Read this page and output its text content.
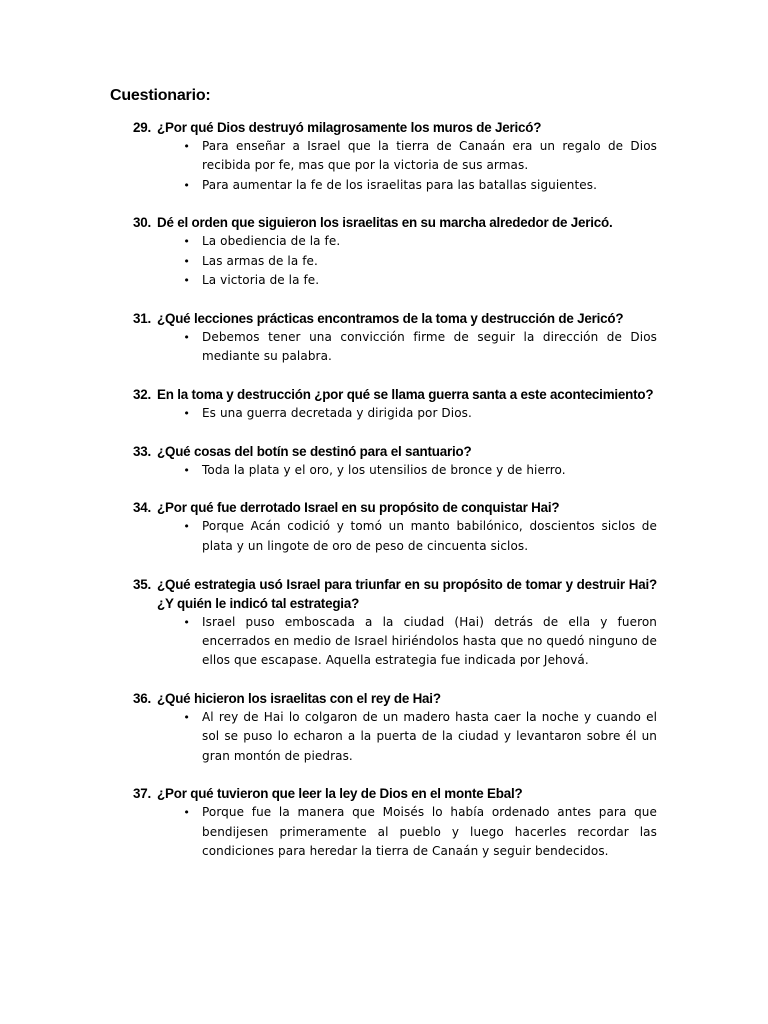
Cuestionario:
29. ¿Por qué Dios destruyó milagrosamente los muros de Jericó?
•	Para enseñar a Israel que la tierra de Canaán era un regalo de Dios recibida por fe, mas que por la victoria de sus armas.
•	Para aumentar la fe de los israelitas para las batallas siguientes.
30. Dé el orden que siguieron los israelitas en su marcha alrededor de Jericó.
•	La obediencia de la fe.
•	Las armas de la fe.
•	La victoria de la fe.
31. ¿Qué lecciones prácticas encontramos de la toma y destrucción de Jericó?
•	Debemos tener una convicción firme de seguir la dirección de Dios mediante su palabra.
32. En la toma y destrucción ¿por qué se llama guerra santa a este acontecimiento?
•	Es una guerra decretada y dirigida por Dios.
33. ¿Qué cosas del botín se destinó para el santuario?
•	Toda la plata y el oro, y los utensilios de bronce y de hierro.
34. ¿Por qué fue derrotado Israel en su propósito de conquistar Hai?
•	Porque Acán codició y tomó un manto babilónico, doscientos siclos de plata y un lingote de oro de peso de cincuenta siclos.
35. ¿Qué estrategia usó Israel para triunfar en su propósito de tomar y destruir Hai? ¿Y quién le indicó tal estrategia?
•	Israel puso emboscada a la ciudad (Hai) detrás de ella y fueron encerrados en medio de Israel hiriéndolos hasta que no quedó ninguno de ellos que escapase. Aquella estrategia fue indicada por Jehová.
36. ¿Qué hicieron los israelitas con el rey de Hai?
•	Al rey de Hai lo colgaron de un madero hasta caer la noche y cuando el sol se puso lo echaron a la puerta de la ciudad y levantaron sobre él un gran montón de piedras.
37. ¿Por qué tuvieron que leer la ley de Dios en el monte Ebal?
•	Porque fue la manera que Moisés lo había ordenado antes para que bendijesen primeramente al pueblo y luego hacerles recordar las condiciones para heredar la tierra de Canaán y seguir bendecidos.
